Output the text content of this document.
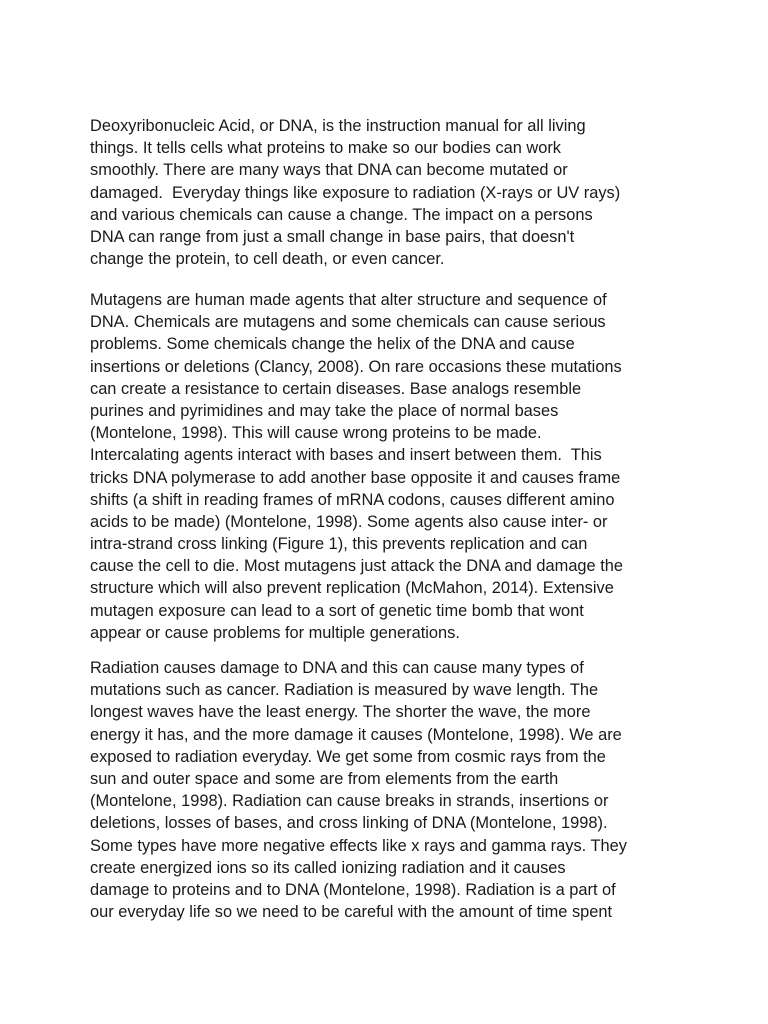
Deoxyribonucleic Acid, or DNA, is the instruction manual for all living
things. It tells cells what proteins to make so our bodies can work
smoothly. There are many ways that DNA can become mutated or
damaged.  Everyday things like exposure to radiation (X-rays or UV rays)
and various chemicals can cause a change. The impact on a persons
DNA can range from just a small change in base pairs, that doesn't
change the protein, to cell death, or even cancer.
Mutagens are human made agents that alter structure and sequence of
DNA. Chemicals are mutagens and some chemicals can cause serious
problems. Some chemicals change the helix of the DNA and cause
insertions or deletions (Clancy, 2008). On rare occasions these mutations
can create a resistance to certain diseases. Base analogs resemble
purines and pyrimidines and may take the place of normal bases
(Montelone, 1998). This will cause wrong proteins to be made.
Intercalating agents interact with bases and insert between them.  This
tricks DNA polymerase to add another base opposite it and causes frame
shifts (a shift in reading frames of mRNA codons, causes different amino
acids to be made) (Montelone, 1998). Some agents also cause inter- or
intra-strand cross linking (Figure 1), this prevents replication and can
cause the cell to die. Most mutagens just attack the DNA and damage the
structure which will also prevent replication (McMahon, 2014). Extensive
mutagen exposure can lead to a sort of genetic time bomb that wont
appear or cause problems for multiple generations.
Radiation causes damage to DNA and this can cause many types of
mutations such as cancer. Radiation is measured by wave length. The
longest waves have the least energy. The shorter the wave, the more
energy it has, and the more damage it causes (Montelone, 1998). We are
exposed to radiation everyday. We get some from cosmic rays from the
sun and outer space and some are from elements from the earth
(Montelone, 1998). Radiation can cause breaks in strands, insertions or
deletions, losses of bases, and cross linking of DNA (Montelone, 1998).
Some types have more negative effects like x rays and gamma rays. They
create energized ions so its called ionizing radiation and it causes
damage to proteins and to DNA (Montelone, 1998). Radiation is a part of
our everyday life so we need to be careful with the amount of time spent
